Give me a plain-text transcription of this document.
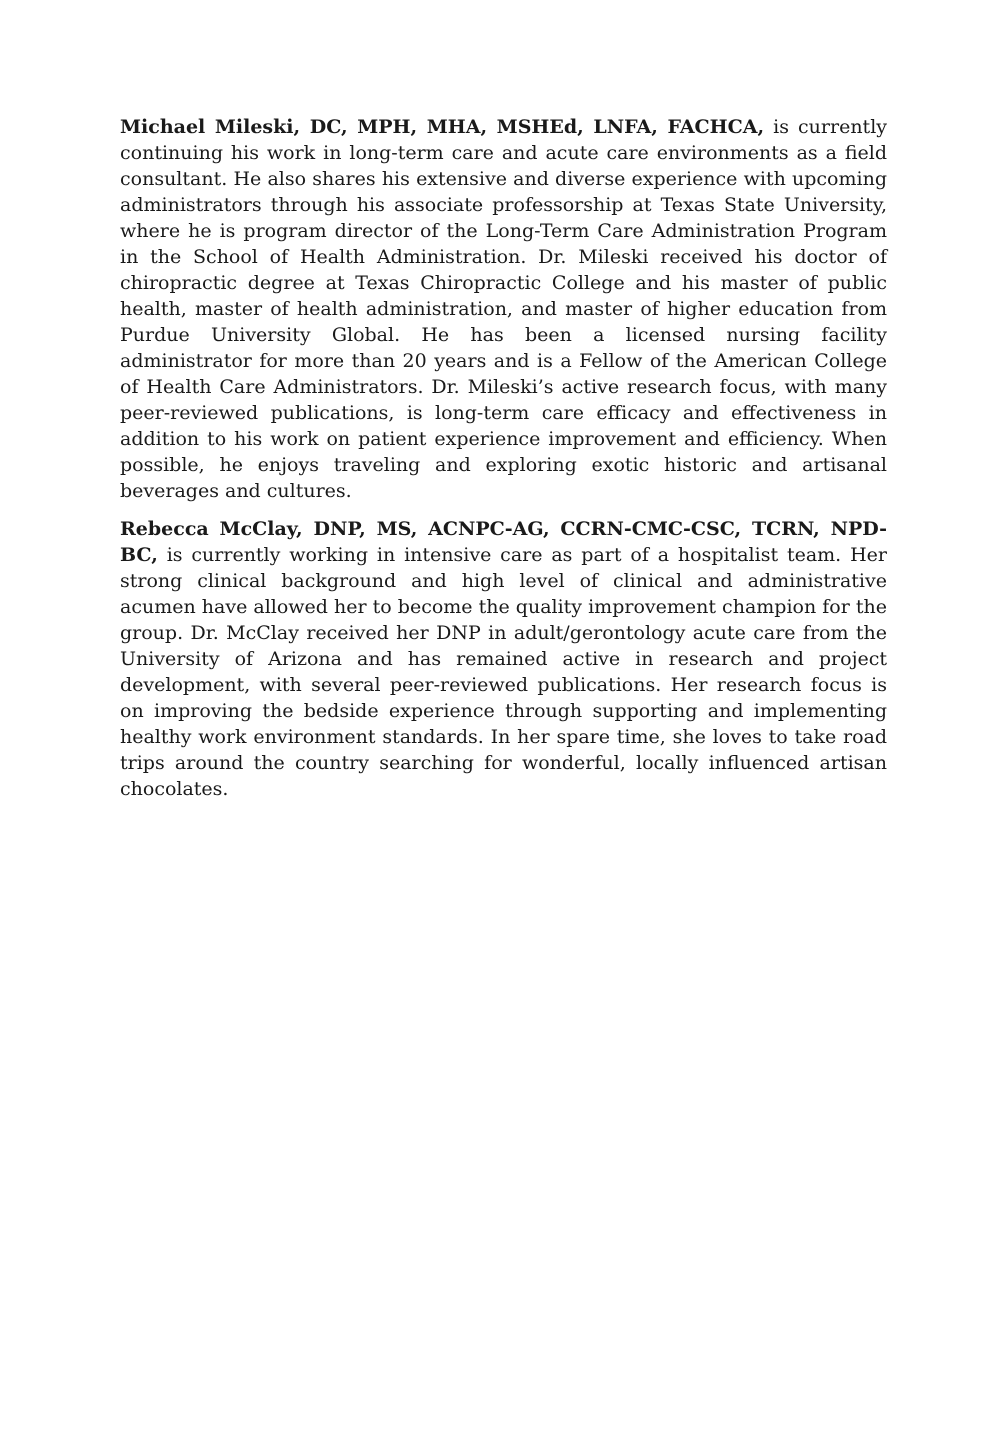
Michael Mileski, DC, MPH, MHA, MSHEd, LNFA, FACHCA, is currently continuing his work in long-term care and acute care environments as a field consultant. He also shares his extensive and diverse experience with upcoming administrators through his associate professorship at Texas State University, where he is program director of the Long-Term Care Administration Program in the School of Health Administration. Dr. Mileski received his doctor of chiropractic degree at Texas Chiropractic College and his master of public health, master of health administration, and master of higher education from Purdue University Global. He has been a licensed nursing facility administrator for more than 20 years and is a Fellow of the American College of Health Care Administrators. Dr. Mileski’s active research focus, with many peer-reviewed publications, is long-term care efficacy and effectiveness in addition to his work on patient experience improvement and efficiency. When possible, he enjoys traveling and exploring exotic historic and artisanal beverages and cultures.

Rebecca McClay, DNP, MS, ACNPC-AG, CCRN-CMC-CSC, TCRN, NPD-BC, is currently working in intensive care as part of a hospitalist team. Her strong clinical background and high level of clinical and administrative acumen have allowed her to become the quality improvement champion for the group. Dr. McClay received her DNP in adult/gerontology acute care from the University of Arizona and has remained active in research and project development, with several peer-reviewed publications. Her research focus is on improving the bedside experience through supporting and implementing healthy work environment standards. In her spare time, she loves to take road trips around the country searching for wonderful, locally influenced artisan chocolates.
